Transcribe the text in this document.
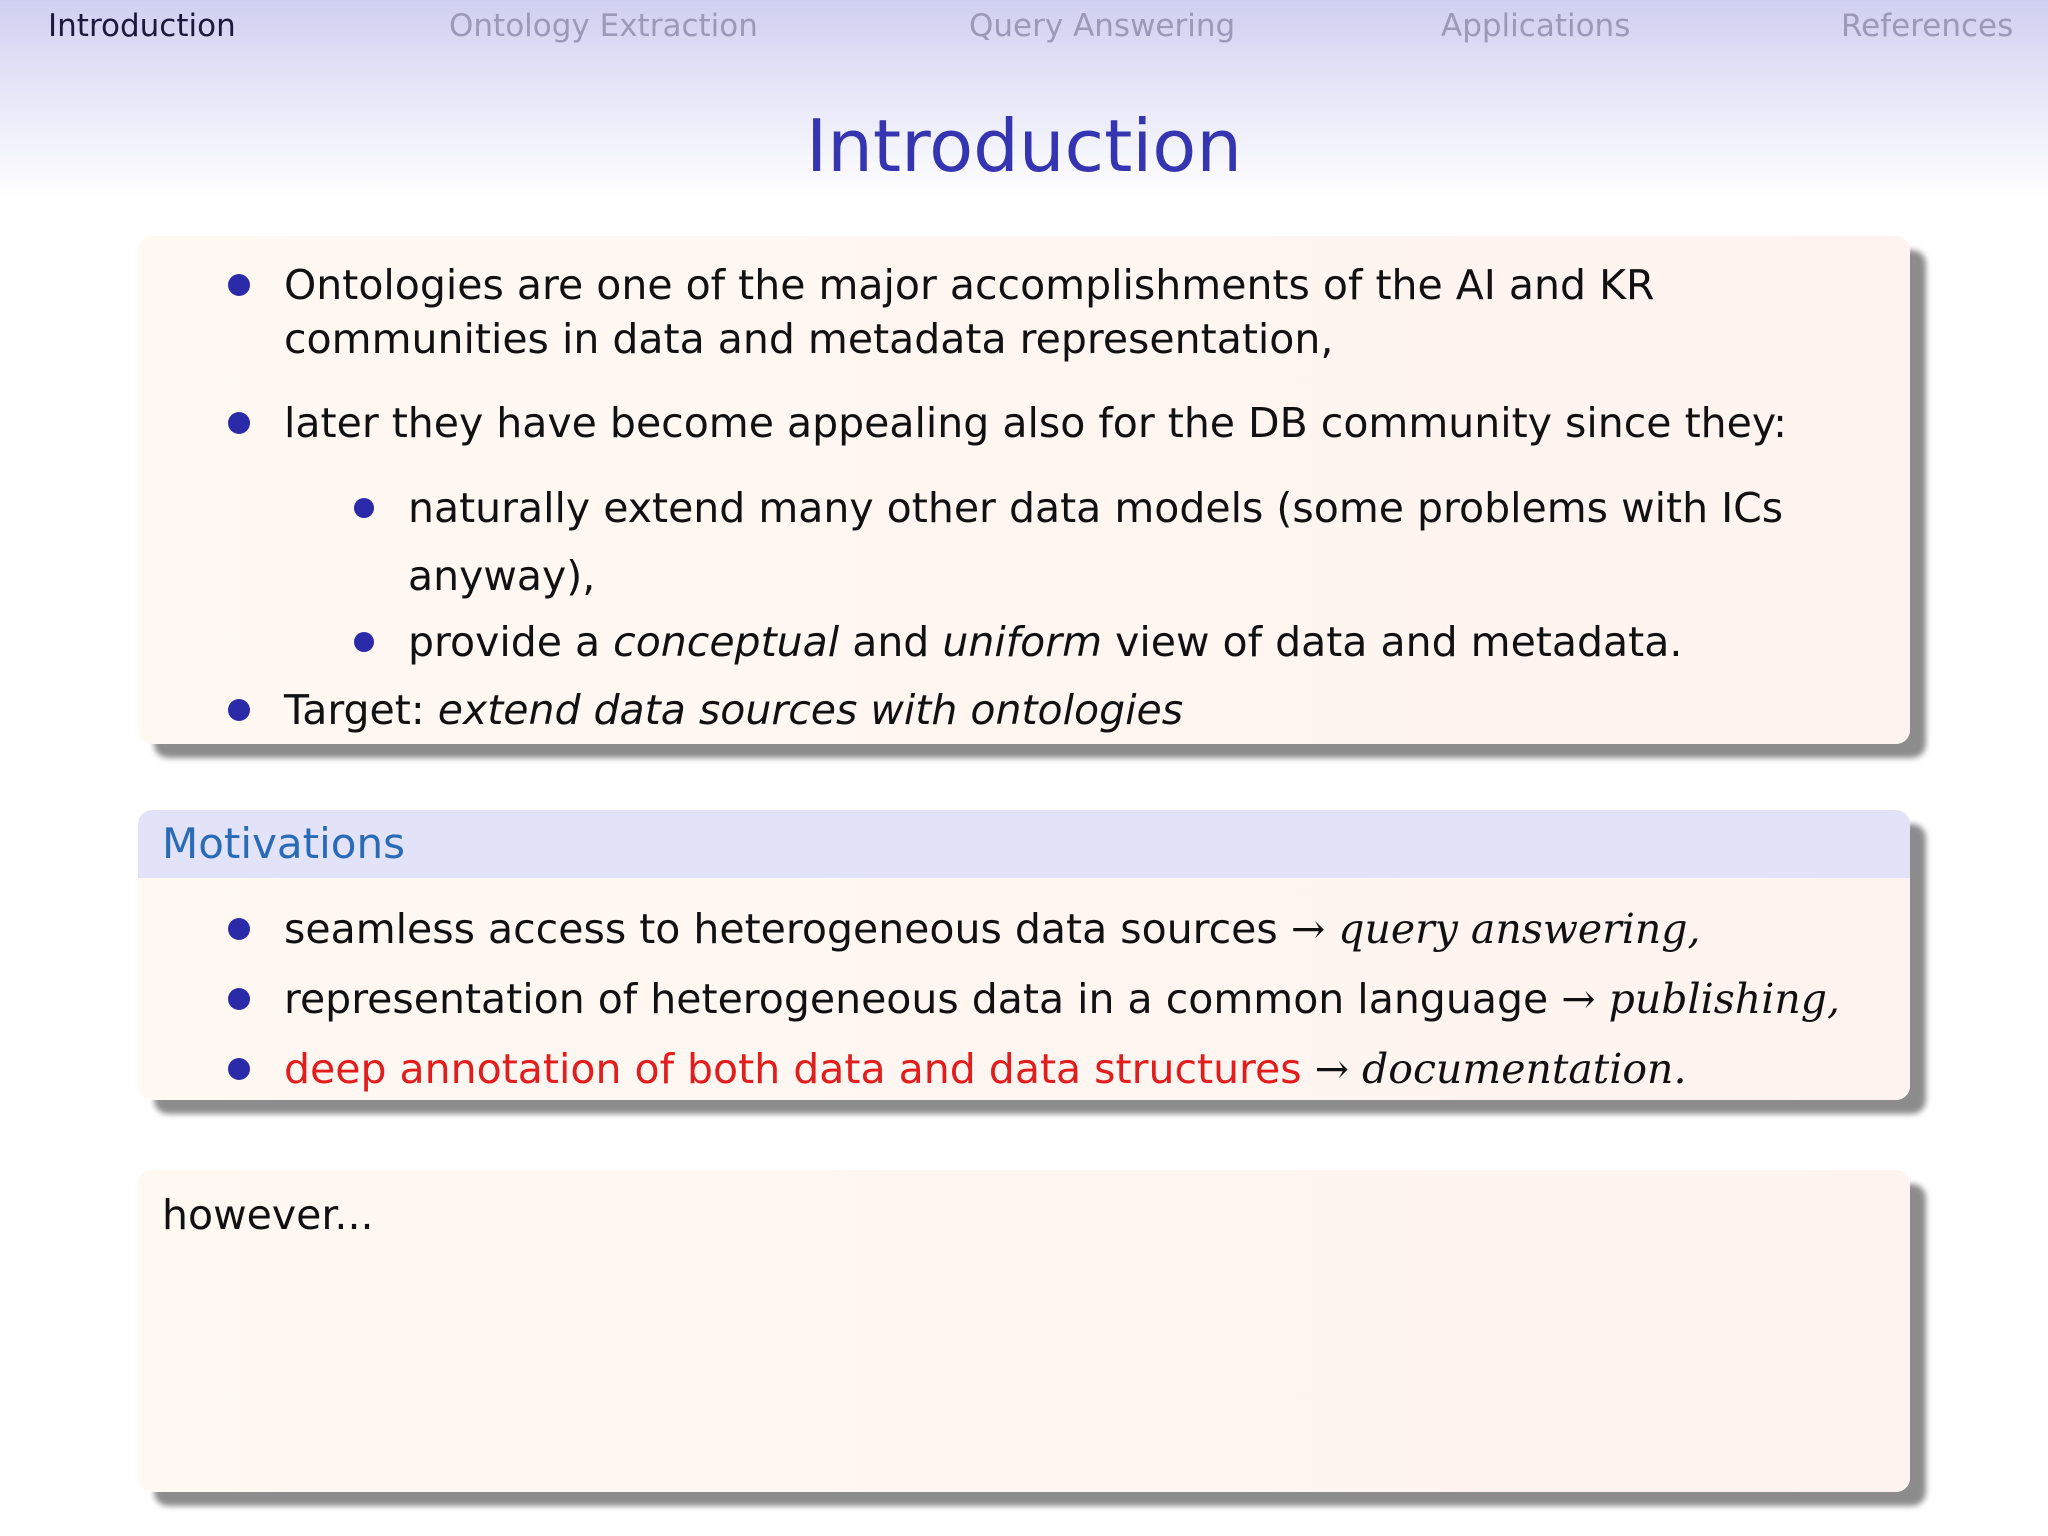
Introduction	Ontology Extraction	Query Answering	Applications	References
Introduction
Ontologies are one of the major accomplishments of the AI and KR
communities in data and metadata representation,
later they have become appealing also for the DB community since they:
naturally extend many other data models (some problems with ICs
anyway),
provide a conceptual and uniform view of data and metadata.
Target: extend data sources with ontologies
Motivations
seamless access to heterogeneous data sources → query answering,
representation of heterogeneous data in a common language → publishing,
deep annotation of both data and data structures → documentation.
however...
